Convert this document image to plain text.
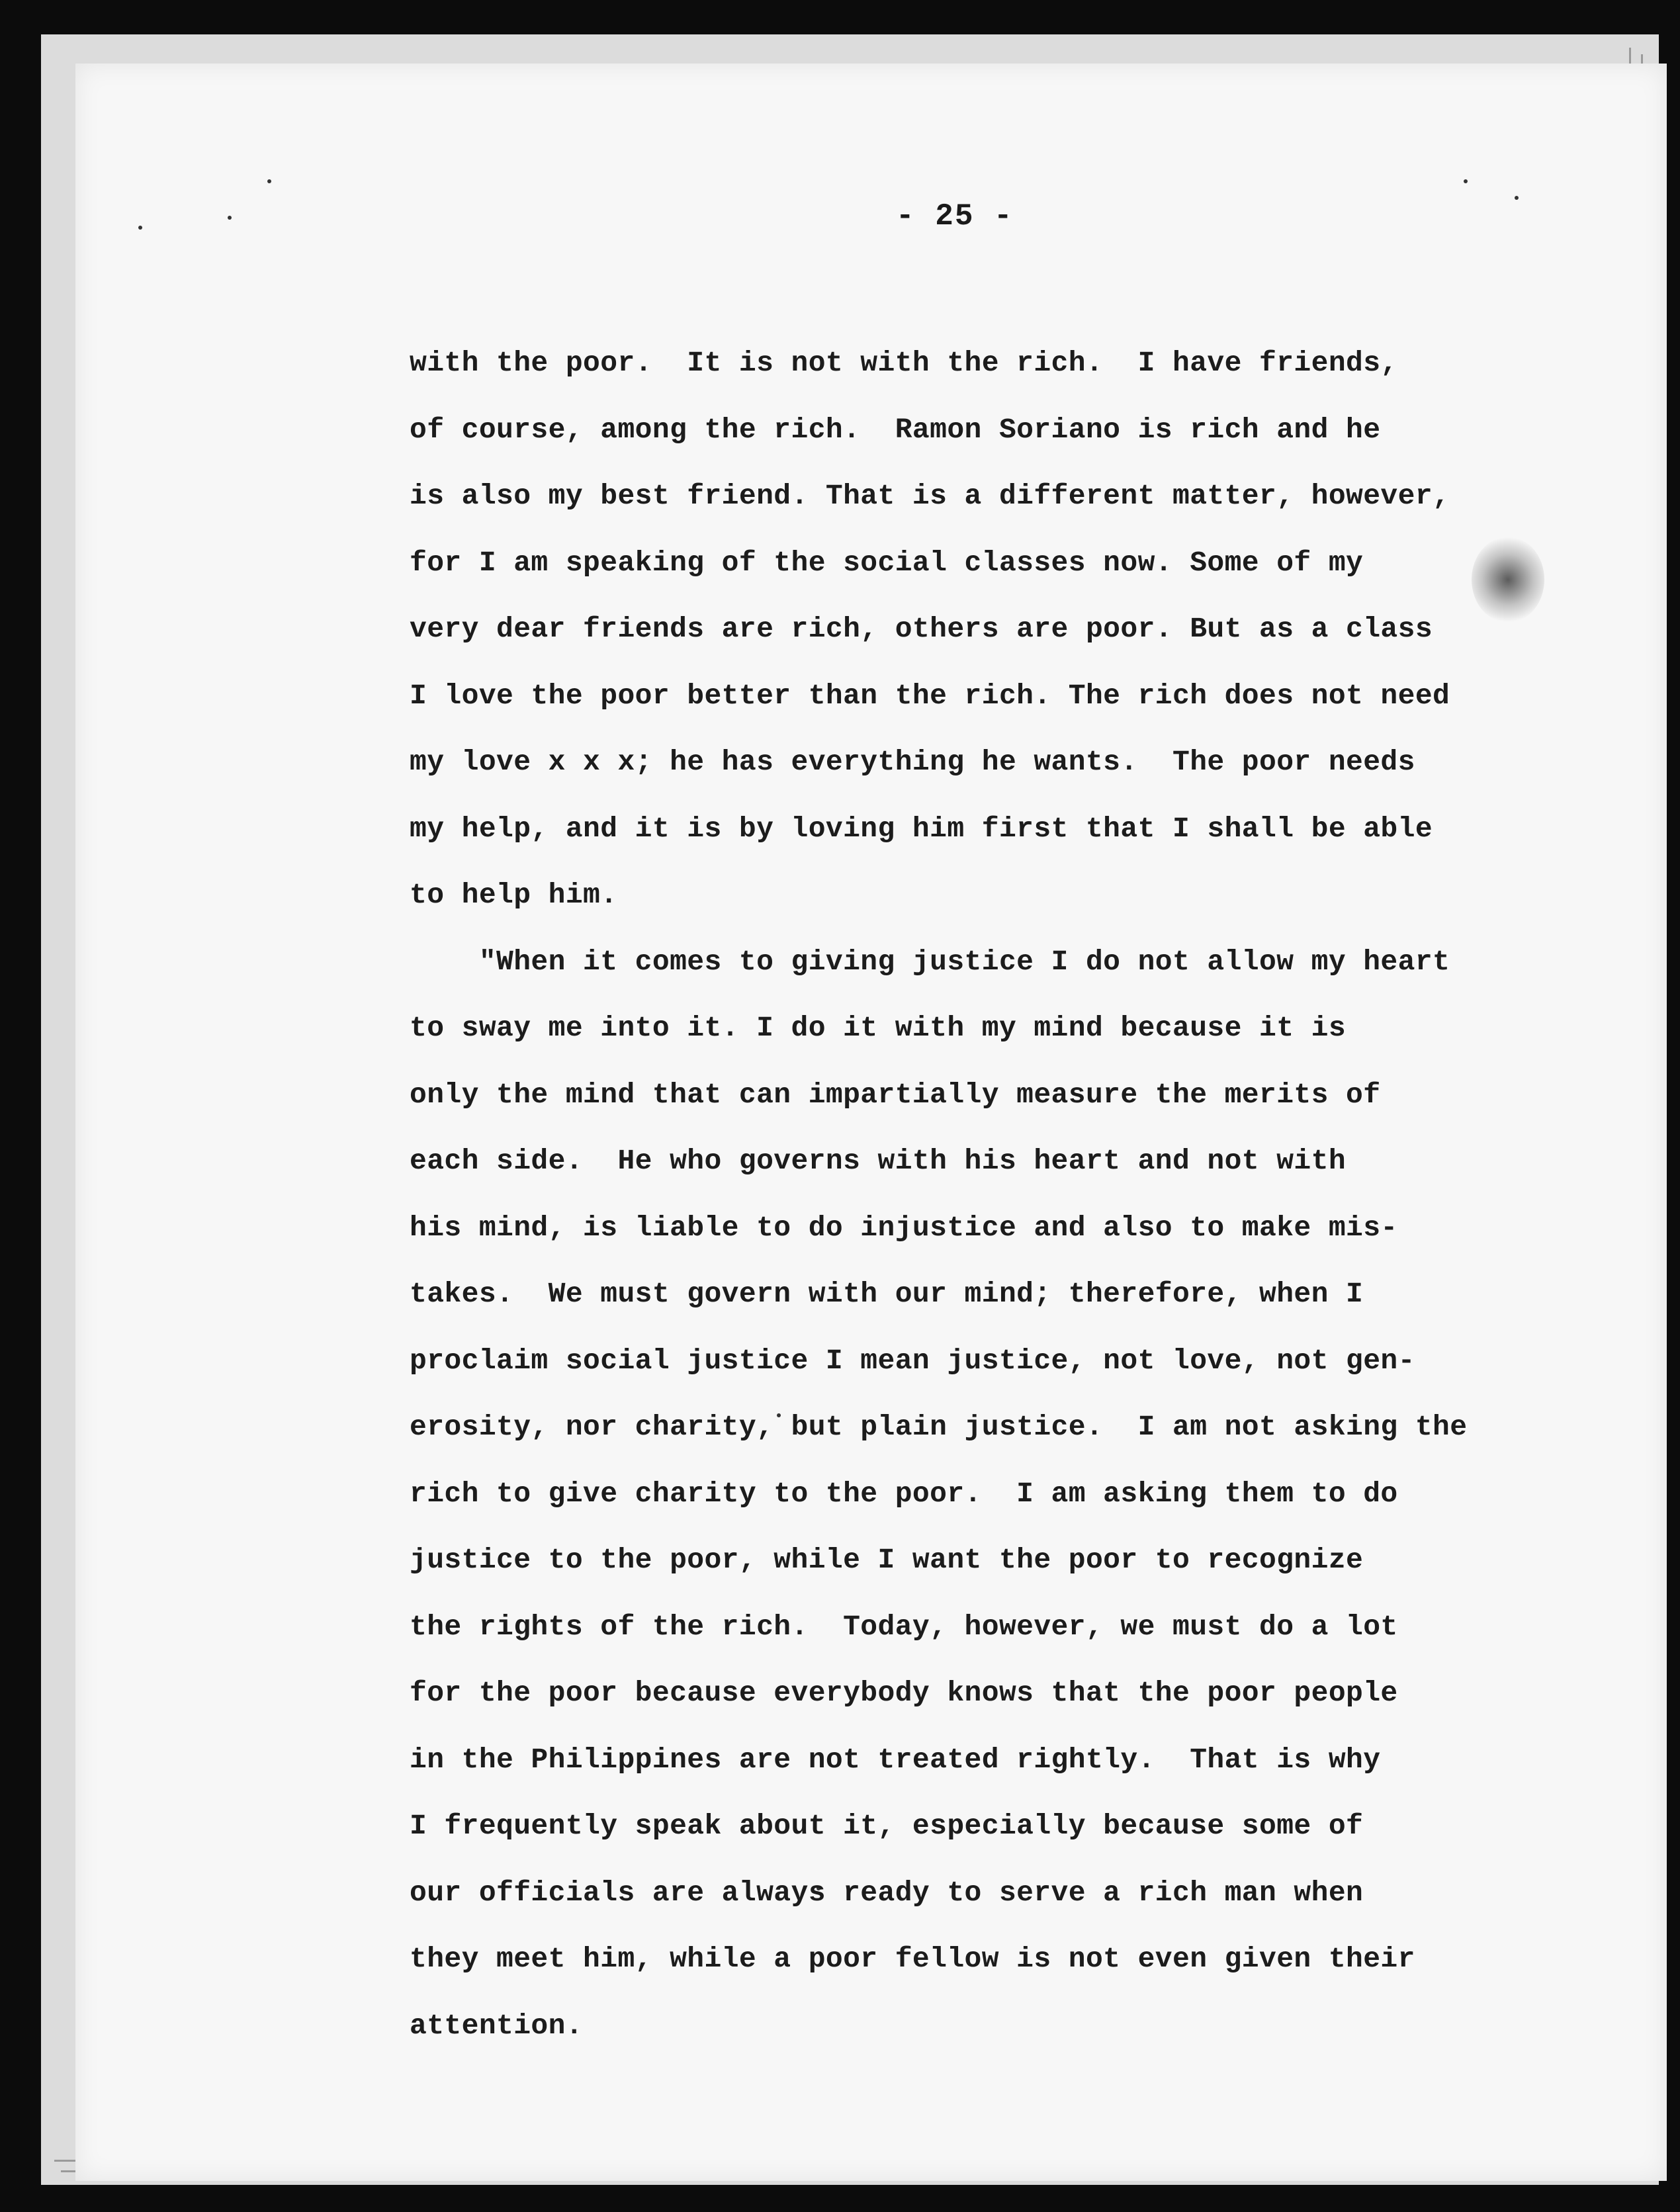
- 25 -
with the poor.  It is not with the rich.  I have friends,
of course, among the rich.  Ramon Soriano is rich and he
is also my best friend. That is a different matter, however,
for I am speaking of the social classes now. Some of my
very dear friends are rich, others are poor. But as a class
I love the poor better than the rich. The rich does not need
my love x x x; he has everything he wants.  The poor needs
my help, and it is by loving him first that I shall be able
to help him.
"When it comes to giving justice I do not allow my heart
to sway me into it. I do it with my mind because it is
only the mind that can impartially measure the merits of
each side.  He who governs with his heart and not with
his mind, is liable to do injustice and also to make mis-
takes.  We must govern with our mind; therefore, when I
proclaim social justice I mean justice, not love, not gen-
erosity, nor charity, but plain justice.  I am not asking the
rich to give charity to the poor.  I am asking them to do
justice to the poor, while I want the poor to recognize
the rights of the rich.  Today, however, we must do a lot
for the poor because everybody knows that the poor people
in the Philippines are not treated rightly.  That is why
I frequently speak about it, especially because some of
our officials are always ready to serve a rich man when
they meet him, while a poor fellow is not even given their
attention.
